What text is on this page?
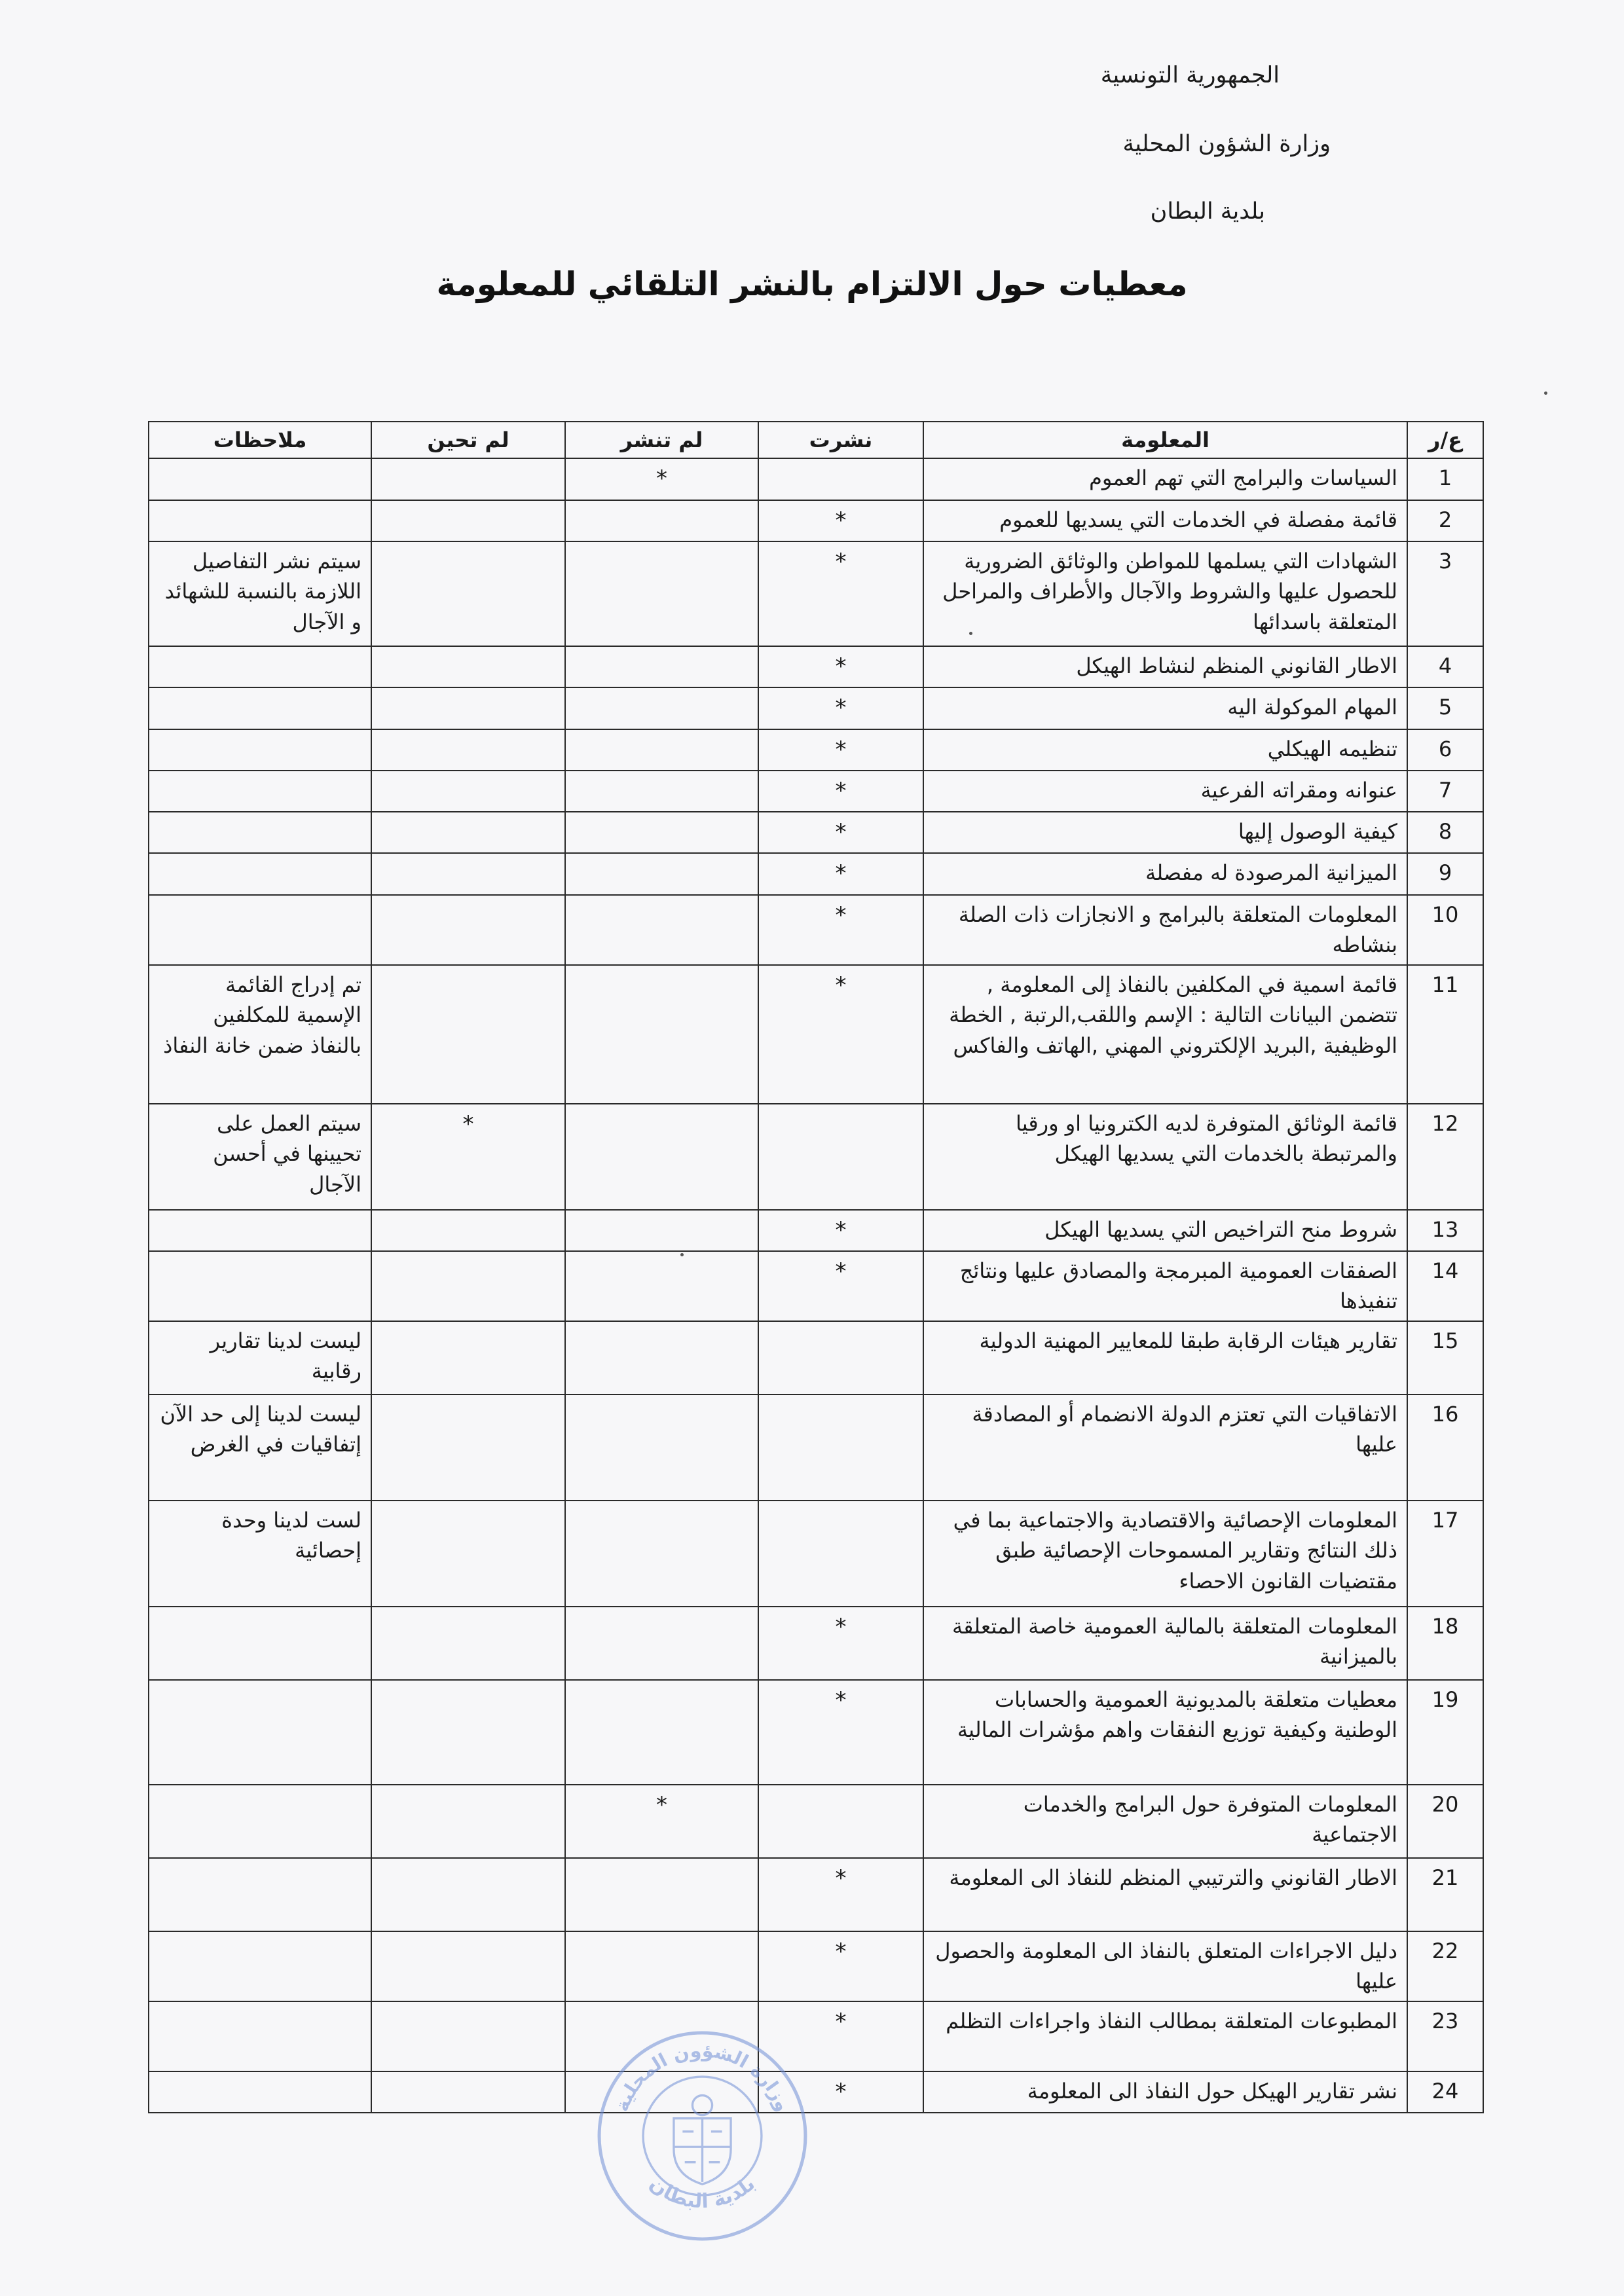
الجمهورية التونسية
وزارة الشؤون المحلية
بلدية البطان
معطيات حول الالتزام بالنشر التلقائي للمعلومة
ع/ر	المعلومة	نشرت	لم تنشر	لم تحين	ملاحظات
1	السياسات والبرامج التي تهم العموم		*		
2	قائمة مفصلة في الخدمات التي يسديها للعموم	*			
3	الشهادات التي يسلمها للمواطن والوثائق الضرورية للحصول عليها والشروط والآجال والأطراف والمراحل المتعلقة باسدائها	*			سيتم نشر التفاصيل اللازمة بالنسبة للشهائد و الآجال
4	الاطار القانوني المنظم لنشاط الهيكل	*			
5	المهام الموكولة اليه	*			
6	تنظيمه الهيكلي	*			
7	عنوانه ومقراته الفرعية	*			
8	كيفية الوصول إليها	*			
9	الميزانية المرصودة له مفصلة	*			
10	المعلومات المتعلقة بالبرامج و الانجازات ذات الصلة بنشاطه	*			
11	قائمة اسمية في المكلفين بالنفاذ إلى المعلومة , تتضمن البيانات التالية : الإسم واللقب,الرتبة , الخطة الوظيفية ,البريد الإلكتروني المهني ,الهاتف والفاكس	*			تم إدراج القائمة الإسمية للمكلفين بالنفاذ ضمن خانة النفاذ
12	قائمة الوثائق المتوفرة لديه الكترونيا او ورقيا والمرتبطة بالخدمات التي يسديها الهيكل			*	سيتم العمل على تحيينها في أحسن الآجال
13	شروط منح التراخيص التي يسديها الهيكل	*			
14	الصفقات العمومية المبرمجة والمصادق عليها ونتائج تنفيذها	*			
15	تقارير هيئات الرقابة طبقا للمعايير المهنية الدولية				ليست لدينا تقارير رقابية
16	الاتفاقيات التي تعتزم الدولة الانضمام أو المصادقة عليها				ليست لدينا إلى حد الآن إتفاقيات في الغرض
17	المعلومات الإحصائية والاقتصادية والاجتماعية بما في ذلك النتائج وتقارير المسموحات الإحصائية طبق مقتضيات القانون الاحصاء				لست لدينا وحدة إحصائية
18	المعلومات المتعلقة بالمالية العمومية خاصة المتعلقة بالميزانية	*			
19	معطيات متعلقة بالمديونية العمومية والحسابات الوطنية وكيفية توزيع النفقات واهم مؤشرات المالية	*			
20	المعلومات المتوفرة حول البرامج والخدمات الاجتماعية		*		
21	الاطار القانوني والترتيبي المنظم للنفاذ الى المعلومة	*			
22	دليل الاجراءات المتعلق بالنفاذ الى المعلومة والحصول عليها	*			
23	المطبوعات المتعلقة بمطالب النفاذ واجراءات التظلم	*			
24	نشر تقارير الهيكل حول النفاذ الى المعلومة	*			
وزارة الشؤون المحلية
بلدية البطان
